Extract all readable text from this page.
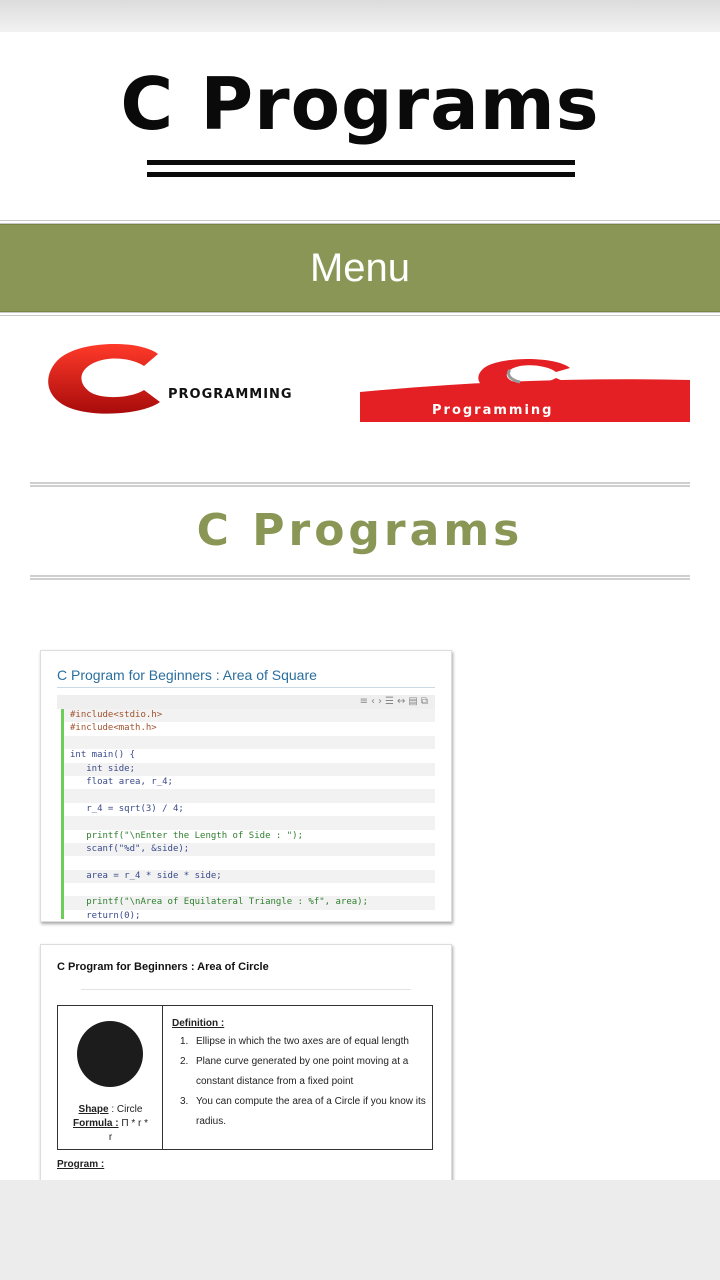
C Programs
Menu
PROGRAMMING
Programming
C Programs
C Program for Beginners : Area of Square
≡‹›☰↔▤⧉
#include<stdio.h>
#include<math.h>
int main() {
int side;
float area, r_4;
r_4 = sqrt(3) / 4;
printf("\nEnter the Length of Side : ");
scanf("%d", &side);
area = r_4 * side * side;
printf("\nArea of Equilateral Triangle : %f", area);
return(0);
C Program for Beginners : Area of Circle
Shape : Circle
Formula : Π * r *
r
Definition :
1. Ellipse in which the two axes are of equal length
2. Plane curve generated by one point moving at a constant distance from a fixed point
3. You can compute the area of a Circle if you know its radius.
Program :
